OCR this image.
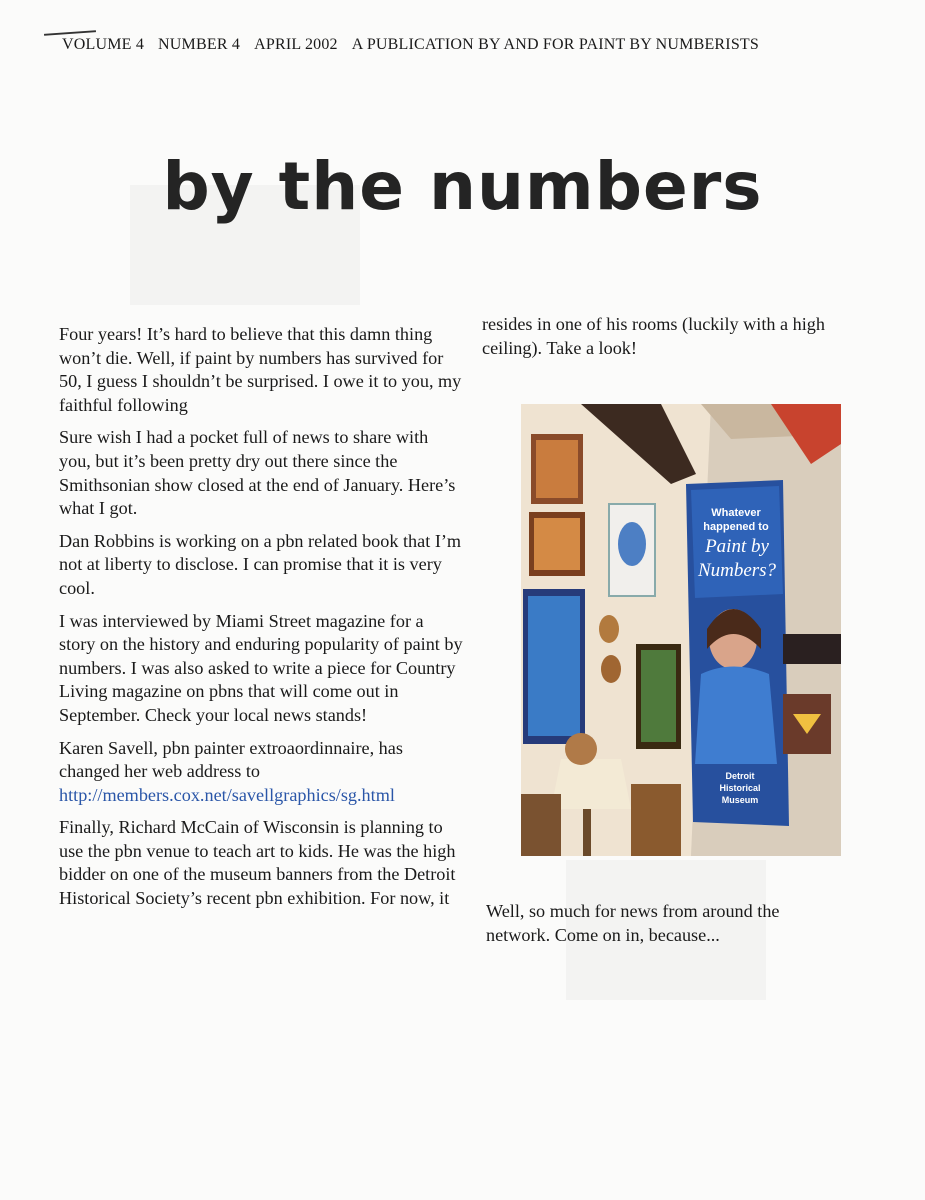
VOLUME 4 NUMBER 4 APRIL 2002 A PUBLICATION BY AND FOR PAINT BY NUMBERISTS
by the numbers

Four years! It’s hard to believe that this damn thing won’t die. Well, if paint by numbers has survived for 50, I guess I shouldn’t be surprised. I owe it to you, my faithful following

Sure wish I had a pocket full of news to share with you, but it’s been pretty dry out there since the Smithsonian show closed at the end of January. Here’s what I got.

Dan Robbins is working on a pbn related book that I’m not at liberty to disclose. I can promise that it is very cool.

I was interviewed by Miami Street magazine for a story on the history and enduring popularity of paint by numbers. I was also asked to write a piece for Country Living magazine on pbns that will come out in September. Check your local news stands!

Karen Savell, pbn painter extroaordinnaire, has changed her web address to http://members.cox.net/savellgraphics/sg.html

Finally, Richard McCain of Wisconsin is planning to use the pbn venue to teach art to kids. He was the high bidder on one of the museum banners from the Detroit Historical Society’s recent pbn exhibition. For now, it

resides in one of his rooms (luckily with a high ceiling). Take a look!

Whatever
happened to
Paint by
Numbers?
Detroit
Historical
Museum

Well, so much for news from around the network. Come on in, because...
